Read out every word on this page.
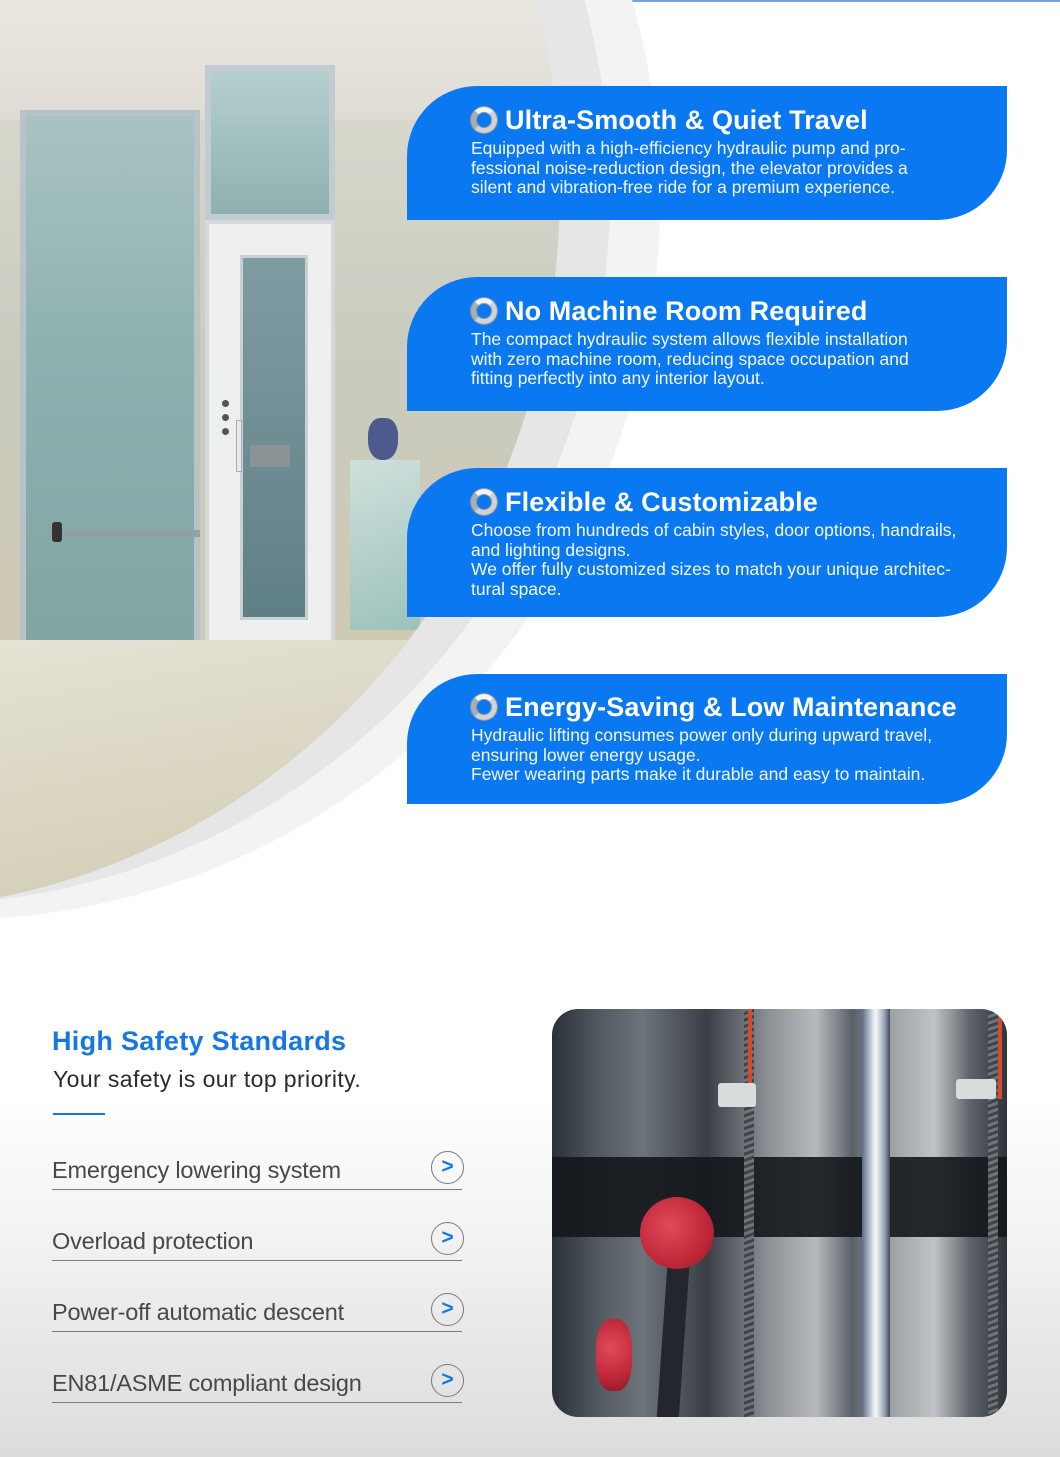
Ultra-Smooth & Quiet Travel

Equipped with a high-efficiency hydraulic pump and pro-

fessional noise-reduction design, the elevator provides a

silent and vibration-free ride for a premium experience.

No Machine Room Required

The compact hydraulic system allows flexible installation

with zero machine room, reducing space occupation and

fitting perfectly into any interior layout.

Flexible & Customizable

Choose from hundreds of cabin styles, door options, handrails,

and lighting designs.

We offer fully customized sizes to match your unique architec-

tural space.

Energy-Saving & Low Maintenance

Hydraulic lifting consumes power only during upward travel,

ensuring lower energy usage.

Fewer wearing parts make it durable and easy to maintain.

High Safety Standards
Your safety is our top priority.
Emergency lowering system	>
Overload protection	>
Power-off automatic descent	>
EN81/ASME compliant design	>
